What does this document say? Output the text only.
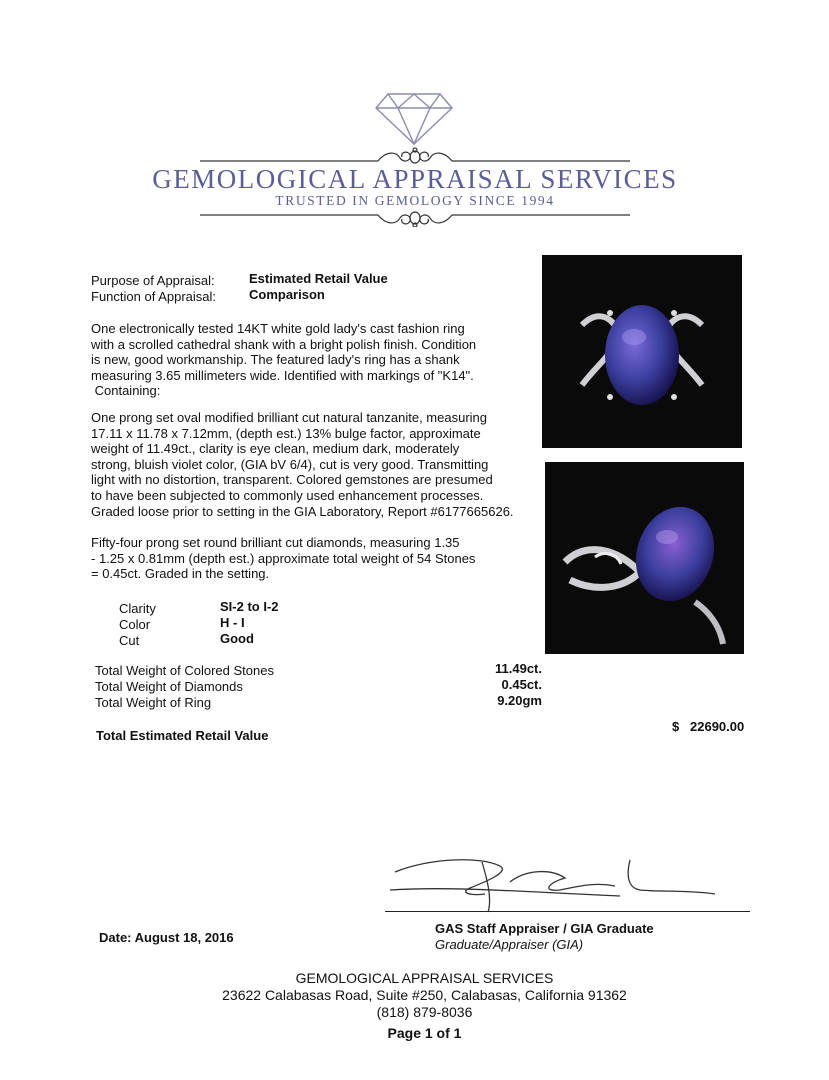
GEMOLOGICAL APPRAISAL SERVICES
TRUSTED IN GEMOLOGY SINCE 1994
Purpose of Appraisal:	Estimated Retail Value
Function of Appraisal:	Comparison
One electronically tested 14KT white gold lady's cast fashion ring
with a scrolled cathedral shank with a bright polish finish. Condition
is new, good workmanship. The featured lady's ring has a shank
measuring 3.65 millimeters wide. Identified with markings of "K14".
Containing:
One prong set oval modified brilliant cut natural tanzanite, measuring
17.11 x 11.78 x 7.12mm, (depth est.) 13% bulge factor, approximate
weight of 11.49ct., clarity is eye clean, medium dark, moderately
strong, bluish violet color, (GIA bV 6/4), cut is very good. Transmitting
light with no distortion, transparent. Colored gemstones are presumed
to have been subjected to commonly used enhancement processes.
Graded loose prior to setting in the GIA Laboratory, Report #6177665626.
Fifty-four prong set round brilliant cut diamonds, measuring 1.35
- 1.25 x 0.81mm (depth est.) approximate total weight of 54 Stones
= 0.45ct. Graded in the setting.
Clarity	SI-2 to I-2
Color	H - I
Cut	Good
Total Weight of Colored Stones	11.49ct.
Total Weight of Diamonds	0.45ct.
Total Weight of Ring	9.20gm
Total Estimated Retail Value
$ 22690.00
GAS Staff Appraiser / GIA Graduate
Graduate/Appraiser (GIA)
Date: August 18, 2016
GEMOLOGICAL APPRAISAL SERVICES
23622 Calabasas Road, Suite #250, Calabasas, California 91362
(818) 879-8036
Page 1 of 1
